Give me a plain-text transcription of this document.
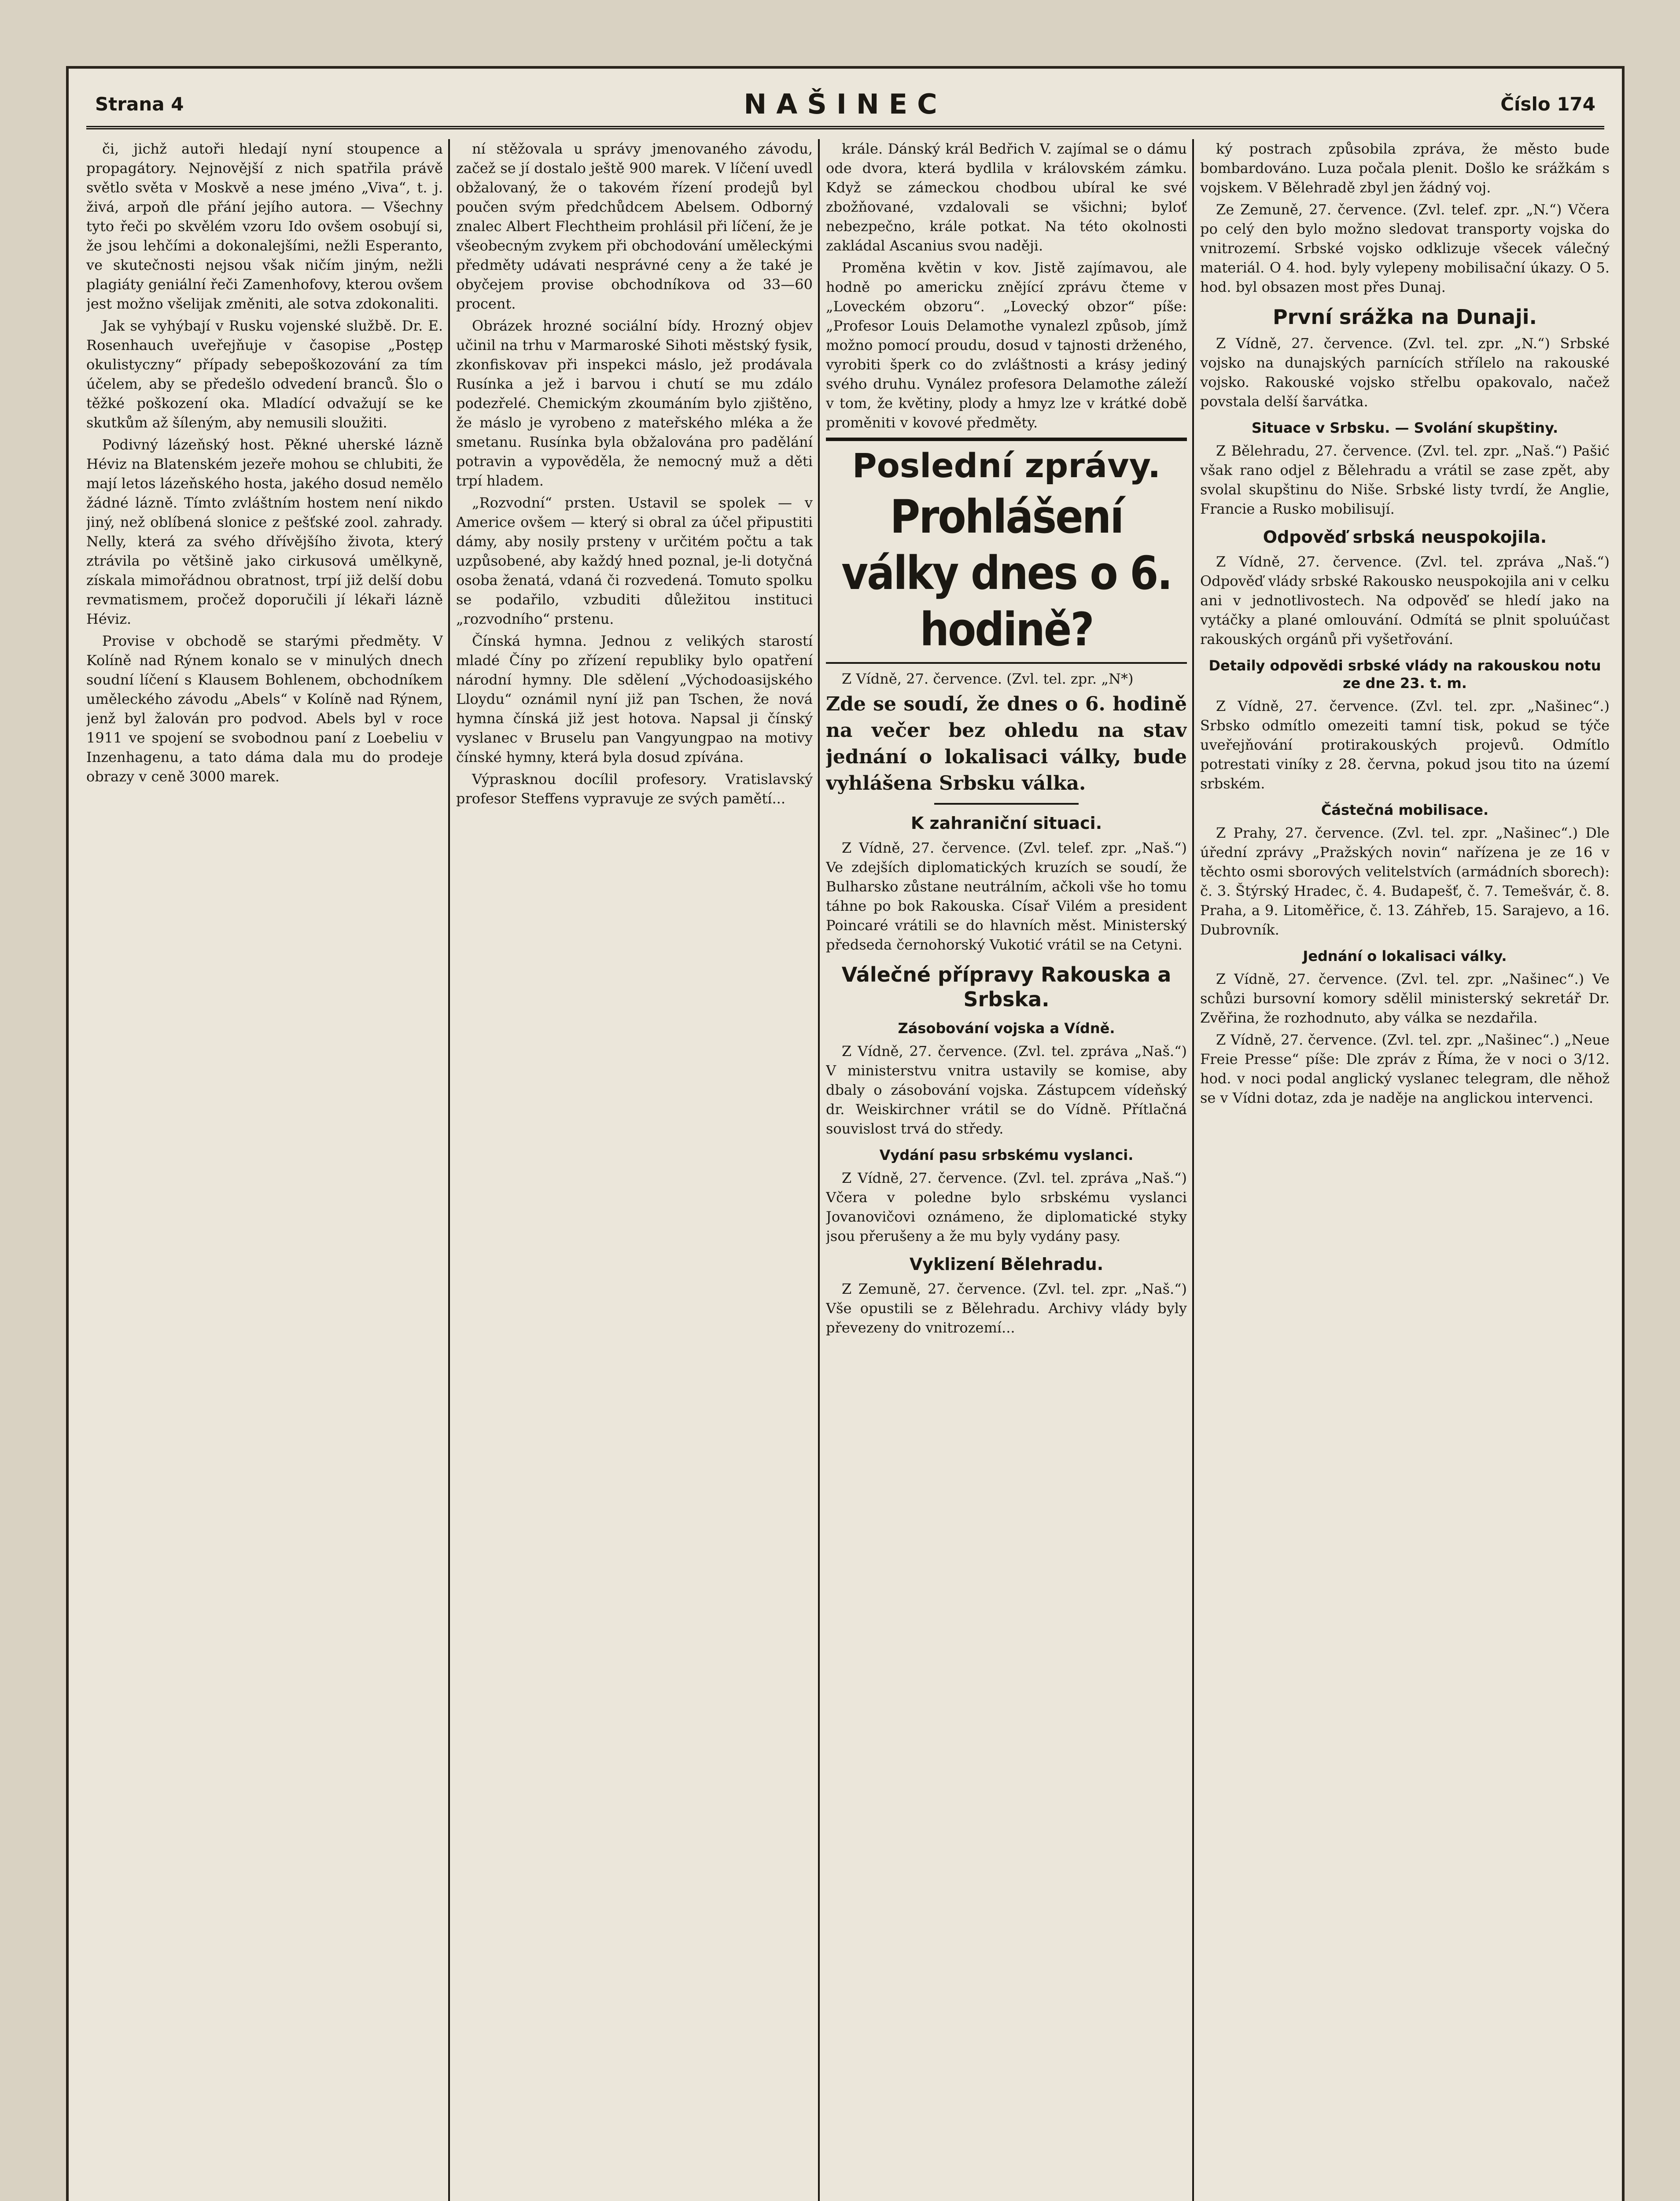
Strana 4	NAŠINEC	Číslo 174

či, jichž autoři hledají nyní stoupence a propagátory. Nejnovější z nich spatřila právě světlo světa v Moskvě a nese jméno „Viva“, t. j. živá, arpoň dle přání jejího autora. — Všechny tyto řeči po skvělém vzoru Ido ovšem osobují si, že jsou lehčími a dokonalejšími, nežli Esperanto, ve skutečnosti nejsou však ničím jiným, nežli plagiáty geniální řeči Zamenhofovy, kterou ovšem jest možno všelijak změniti, ale sotva zdokonaliti.

Jak se vyhýbají v Rusku vojenské službě. Dr. E. Rosenhauch uveřejňuje v časopise „Postęp okulistyczny“ případy sebepoškozování za tím účelem, aby se předešlo odvedení branců. Šlo o těžké poškození oka. Mladící odvažují se ke skutkům až šíleným, aby nemusili sloužiti.

Podivný lázeňský host. Pěkné uherské lázně Héviz na Blatenském jezeře mohou se chlubiti, že mají letos lázeňského hosta, jakého dosud nemělo žádné lázně. Tímto zvláštním hostem není nikdo jiný, než oblíbená slonice z pešťské zool. zahrady. Nelly, která za svého dřívějšího života, který ztrávila po většině jako cirkusová umělkyně, získala mimořádnou obratnost, trpí již delší dobu revmatismem, pročež doporučili jí lékaři lázně Héviz.

Provise v obchodě se starými předměty. V Kolíně nad Rýnem konalo se v minulých dnech soudní líčení s Klausem Bohlenem, obchodníkem uměleckého závodu „Abels“ v Kolíně nad Rýnem, jenž byl žalován pro podvod. Abels byl v roce 1911 ve spojení se svobodnou paní z Loebeliu v Inzenhagenu, a tato dáma dala mu do prodeje obrazy v ceně 3000 marek.

ní stěžovala u správy jmenovaného závodu, začež se jí dostalo ještě 900 marek. V líčení uvedl obžalovaný, že o takovém řízení prodejů byl poučen svým předchůdcem Abelsem. Odborný znalec Albert Flechtheim prohlásil při líčení, že je všeobecným zvykem při obchodování uměleckými předměty udávati nesprávné ceny a že také je obyčejem provise obchodníkova od 33—60 procent.

Obrázek hrozné sociální bídy. Hrozný objev učinil na trhu v Marmaroské Sihoti městský fysik, zkonfiskovav při inspekci máslo, jež prodávala Rusínka a jež i barvou i chutí se mu zdálo podezřelé. Chemickým zkoumáním bylo zjištěno, že máslo je vyrobeno z mateřského mléka a že smetanu. Rusínka byla obžalována pro padělání potravin a vypověděla, že nemocný muž a děti trpí hladem.

„Rozvodní“ prsten. Ustavil se spolek — v Americe ovšem — který si obral za účel připustiti dámy, aby nosily prsteny v určitém počtu a tak uzpůsobené, aby každý hned poznal, je-li dotyčná osoba ženatá, vdaná či rozvedená. Tomuto spolku se podařilo, vzbuditi důležitou instituci „rozvodního“ prstenu.

Čínská hymna. Jednou z velikých starostí mladé Číny po zřízení republiky bylo opatření národní hymny. Dle sdělení „Východoasijského Lloydu“ oznámil nyní již pan Tschen, že nová hymna čínská již jest hotova. Napsal ji čínský vyslanec v Bruselu pan Vangyungpao na motivy čínské hymny, která byla dosud zpívána.

Výprasknou docílil profesory. Vratislavský profesor Steffens vypravuje ze svých pamětí...

krále. Dánský král Bedřich V. zajímal se o dámu ode dvora, která bydlila v královském zámku. Když se zámeckou chodbou ubíral ke své zbožňované, vzdalovali se všichni; byloť nebezpečno, krále potkat. Na této okolnosti zakládal Ascanius svou naději.

Proměna květin v kov. Jistě zajímavou, ale hodně po americku znějící zprávu čteme v „Loveckém obzoru“. „Lovecký obzor“ píše: „Profesor Louis Delamothe vynalezl způsob, jímž možno pomocí proudu, dosud v tajnosti drženého, vyrobiti šperk co do zvláštnosti a krásy jediný svého druhu. Vynález profesora Delamothe záleží v tom, že květiny, plody a hmyz lze v krátké době proměniti v kovové předměty.

Poslední zprávy.
Prohlášení války dnes o 6. hodině?

Z Vídně, 27. července. (Zvl. tel. zpr. „N*)

Zde se soudí, že dnes o 6. hodině na večer bez ohledu na stav jednání o lokalisaci války, bude vyhlášena Srbsku válka.
K zahraniční situaci.

Z Vídně, 27. července. (Zvl. telef. zpr. „Naš.“) Ve zdejších diplomatických kruzích se soudí, že Bulharsko zůstane neutrálním, ačkoli vše ho tomu táhne po bok Rakouska. Císař Vilém a president Poincaré vrátili se do hlavních měst. Ministerský předseda černohorský Vukotić vrátil se na Cetyni.

Válečné přípravy Rakouska a Srbska.
Zásobování vojska a Vídně.

Z Vídně, 27. července. (Zvl. tel. zpráva „Naš.“) V ministerstvu vnitra ustavily se komise, aby dbaly o zásobování vojska. Zástupcem vídeňský dr. Weiskirchner vrátil se do Vídně. Přítlačná souvislost trvá do středy.

Vydání pasu srbskému vyslanci.

Z Vídně, 27. července. (Zvl. tel. zpráva „Naš.“) Včera v poledne bylo srbskému vyslanci Jovanovičovi oznámeno, že diplomatické styky jsou přerušeny a že mu byly vydány pasy.

Vyklizení Bělehradu.

Z Zemuně, 27. července. (Zvl. tel. zpr. „Naš.“) Vše opustili se z Bělehradu. Archivy vlády byly převezeny do vnitrozemí...

ký postrach způsobila zpráva, že město bude bombardováno. Luza počala plenit. Došlo ke srážkám s vojskem. V Bělehradě zbyl jen žádný voj.

Ze Zemuně, 27. července. (Zvl. telef. zpr. „N.“) Včera po celý den bylo možno sledovat transporty vojska do vnitrozemí. Srbské vojsko odklizuje všecek válečný materiál. O 4. hod. byly vylepeny mobilisační úkazy. O 5. hod. byl obsazen most přes Dunaj.

První srážka na Dunaji.

Z Vídně, 27. července. (Zvl. tel. zpr. „N.“) Srbské vojsko na dunajských parnících střílelo na rakouské vojsko. Rakouské vojsko střelbu opakovalo, načež povstala delší šarvátka.

Situace v Srbsku. — Svolání skupštiny.

Z Bělehradu, 27. července. (Zvl. tel. zpr. „Naš.“) Pašić však rano odjel z Bělehradu a vrátil se zase zpět, aby svolal skupštinu do Niše. Srbské listy tvrdí, že Anglie, Francie a Rusko mobilisují.

Odpověď srbská neuspokojila.

Z Vídně, 27. července. (Zvl. tel. zpráva „Naš.“) Odpověď vlády srbské Rakousko neuspokojila ani v celku ani v jednotlivostech. Na odpověď se hledí jako na vytáčky a plané omlouvání. Odmítá se plnit spoluúčast rakouských orgánů při vyšetřování.

Detaily odpovědi srbské vlády na rakouskou notu ze dne 23. t. m.

Z Vídně, 27. července. (Zvl. tel. zpr. „Našinec“.) Srbsko odmítlo omezeiti tamní tisk, pokud se týče uveřejňování protirakouských projevů. Odmítlo potrestati viníky z 28. června, pokud jsou tito na území srbském.

Částečná mobilisace.

Z Prahy, 27. července. (Zvl. tel. zpr. „Našinec“.) Dle úřední zprávy „Pražských novin“ nařízena je ze 16 v těchto osmi sborových velitelstvích (armádních sborech): č. 3. Štýrský Hradec, č. 4. Budapešť, č. 7. Temešvár, č. 8. Praha, a 9. Litoměřice, č. 13. Záhřeb, 15. Sarajevo, a 16. Dubrovník.

Jednání o lokalisaci války.

Z Vídně, 27. července. (Zvl. tel. zpr. „Našinec“.) Ve schůzi bursovní komory sdělil ministerský sekretář Dr. Zvěřina, že rozhodnuto, aby válka se nezdařila.

Z Vídně, 27. července. (Zvl. tel. zpr. „Našinec“.) „Neue Freie Presse“ píše: Dle zpráv z Říma, že v noci o 3/12. hod. v noci podal anglický vyslanec telegram, dle něhož se v Vídni dotaz, zda je naděje na anglickou intervenci.
